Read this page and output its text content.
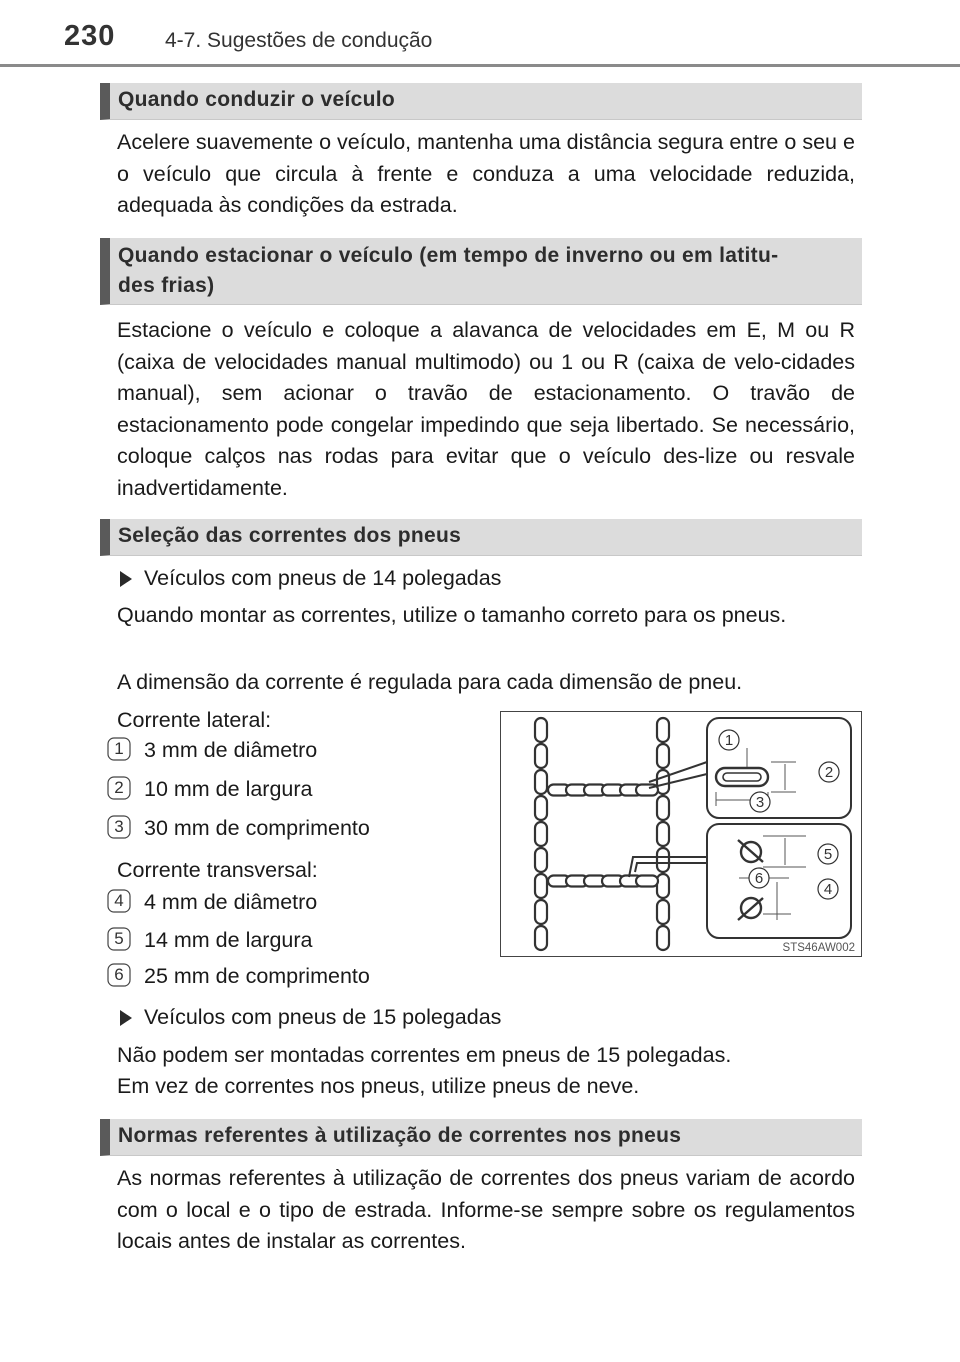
230 4-7. Sugestões de condução
Quando conduzir o veículo

Acelere suavemente o veículo, mantenha uma distância segura entre o seu e o veículo que circula à frente e conduza a uma velocidade reduzida, adequada às condições da estrada.

Quando estacionar o veículo (em tempo de inverno ou em latitu-
des frias)

Estacione o veículo e coloque a alavanca de velocidades em E, M ou R (caixa de velocidades manual multimodo) ou 1 ou R (caixa de velo-cidades manual), sem acionar o travão de estacionamento. O travão de estacionamento pode congelar impedindo que seja libertado. Se necessário, coloque calços nas rodas para evitar que o veículo des-lize ou resvale inadvertidamente.

Seleção das correntes dos pneus
Veículos com pneus de 14 polegadas

Quando montar as correntes, utilize o tamanho correto para os pneus.

A dimensão da corrente é regulada para cada dimensão de pneu.
Corrente lateral:
1 3 mm de diâmetro
2 10 mm de largura
3 30 mm de comprimento
Corrente transversal:
4 4 mm de diâmetro
5 14 mm de largura
6 25 mm de comprimento
1
2
3
5
6
4
STS46AW002
Veículos com pneus de 15 polegadas
Não podem ser montadas correntes em pneus de 15 polegadas.
Em vez de correntes nos pneus, utilize pneus de neve.
Normas referentes à utilização de correntes nos pneus

As normas referentes à utilização de correntes dos pneus variam de acordo com o local e o tipo de estrada. Informe-se sempre sobre os regulamentos locais antes de instalar as correntes.
